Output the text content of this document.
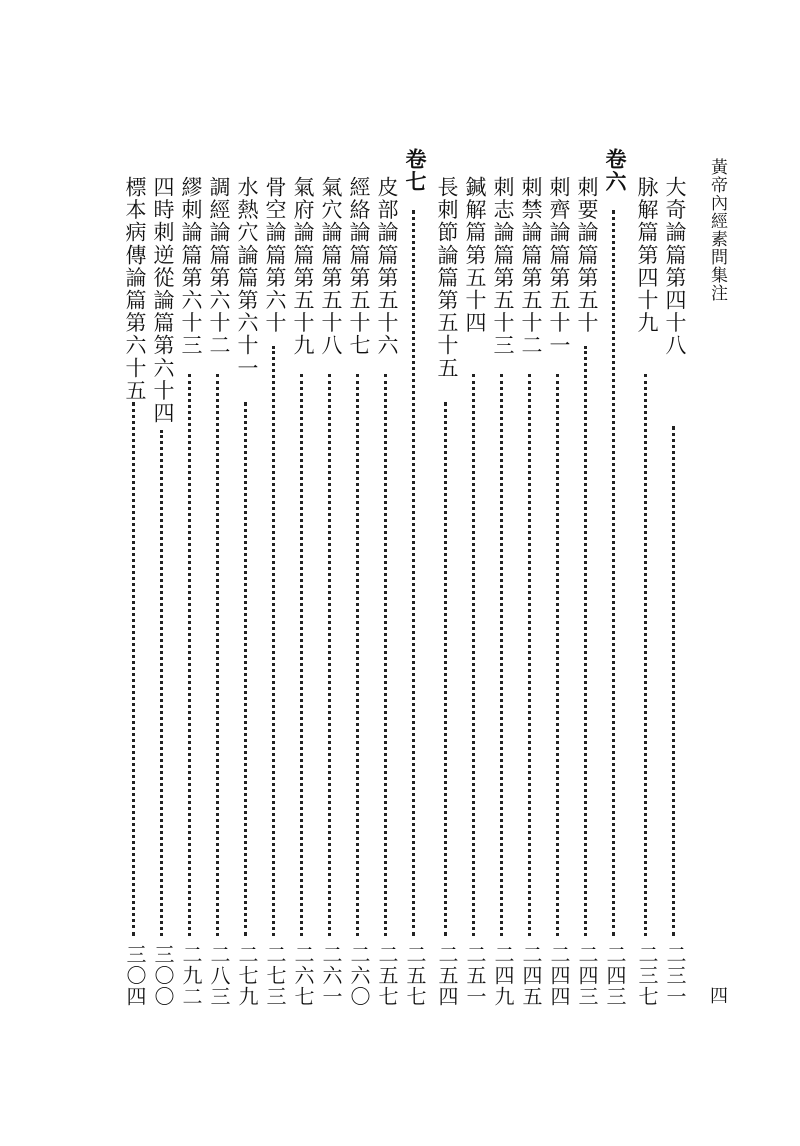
黃帝內經素問集注
四
大奇論篇第四十八
二三一
脉解篇第四十九
二三七
卷六
二四三
刺要論篇第五十
二四三
刺齊論篇第五十一
二四四
刺禁論篇第五十二
二四五
刺志論篇第五十三
二四九
鍼解篇第五十四
二五一
長刺節論篇第五十五
二五四
卷七
二五七
皮部論篇第五十六
二五七
經絡論篇第五十七
二六〇
氣穴論篇第五十八
二六一
氣府論篇第五十九
二六七
骨空論篇第六十
二七三
水熱穴論篇第六十一
二七九
調經論篇第六十二
二八三
繆刺論篇第六十三
二九二
四時刺逆從論篇第六十四
三〇〇
標本病傳論篇第六十五
三〇四
